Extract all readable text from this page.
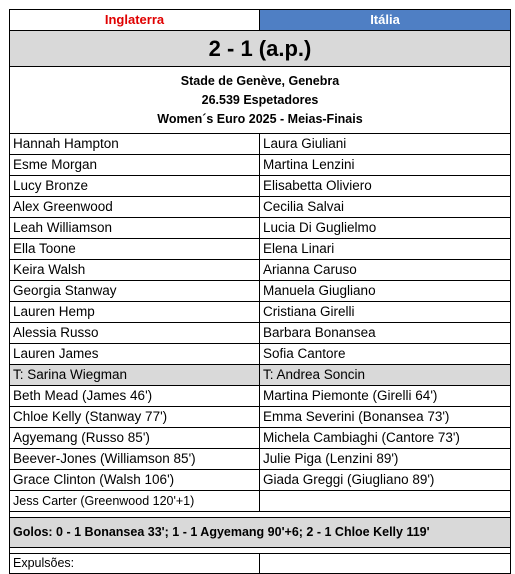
Inglaterra	Itália
2 - 1 (a.p.)
Stade de Genève, Genebra
26.539 Espetadores
Women´s Euro 2025 - Meias-Finais
Hannah Hampton	Laura Giuliani
Esme Morgan	Martina Lenzini
Lucy Bronze	Elisabetta Oliviero
Alex Greenwood	Cecilia Salvai
Leah Williamson	Lucia Di Guglielmo
Ella Toone	Elena Linari
Keira Walsh	Arianna Caruso
Georgia Stanway	Manuela Giugliano
Lauren Hemp	Cristiana Girelli
Alessia Russo	Barbara Bonansea
Lauren James	Sofia Cantore
T: Sarina Wiegman	T: Andrea Soncin
Beth Mead (James 46')	Martina Piemonte (Girelli 64')
Chloe Kelly (Stanway 77')	Emma Severini (Bonansea 73')
Agyemang (Russo 85')	Michela Cambiaghi (Cantore 73')
Beever-Jones (Williamson 85')	Julie Piga (Lenzini 89')
Grace Clinton (Walsh 106')	Giada Greggi (Giugliano 89')
Jess Carter (Greenwood 120'+1)
Golos: 0 - 1 Bonansea 33'; 1 - 1 Agyemang 90'+6; 2 - 1 Chloe Kelly 119'
Expulsões:
